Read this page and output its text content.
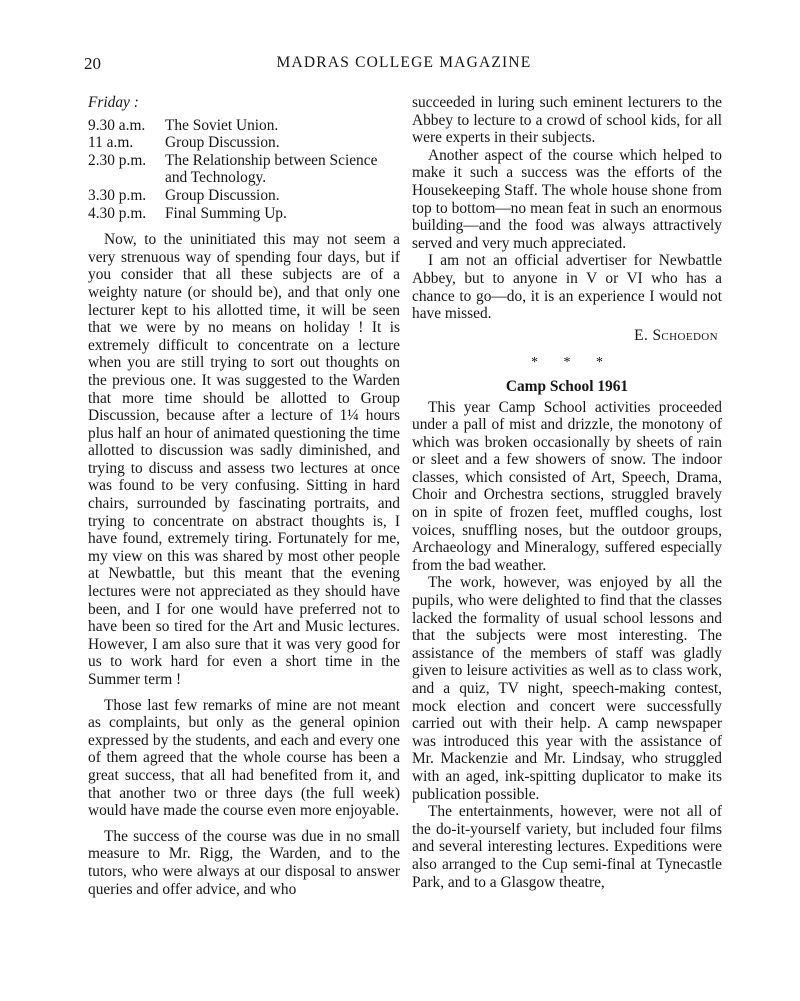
20	MADRAS COLLEGE MAGAZINE

Friday :

9.30 a.m.	The Soviet Union.
11 a.m.	Group Discussion.
2.30 p.m.	The Relationship between Science and Technology.
3.30 p.m.	Group Discussion.
4.30 p.m.	Final Summing Up.

Now, to the uninitiated this may not seem a very strenuous way of spending four days, but if you consider that all these subjects are of a weighty nature (or should be), and that only one lecturer kept to his allotted time, it will be seen that we were by no means on holiday ! It is extremely difficult to concentrate on a lecture when you are still trying to sort out thoughts on the previous one. It was suggested to the Warden that more time should be allotted to Group Discussion, because after a lecture of 1¼ hours plus half an hour of animated questioning the time allotted to discussion was sadly diminished, and trying to discuss and assess two lectures at once was found to be very confusing. Sitting in hard chairs, surrounded by fascinating portraits, and trying to concentrate on abstract thoughts is, I have found, extremely tiring. Fortunately for me, my view on this was shared by most other people at Newbattle, but this meant that the evening lectures were not appreciated as they should have been, and I for one would have preferred not to have been so tired for the Art and Music lectures. However, I am also sure that it was very good for us to work hard for even a short time in the Summer term !

Those last few remarks of mine are not meant as complaints, but only as the general opinion expressed by the students, and each and every one of them agreed that the whole course has been a great success, that all had benefited from it, and that another two or three days (the full week) would have made the course even more enjoyable.

The success of the course was due in no small measure to Mr. Rigg, the Warden, and to the tutors, who were always at our disposal to answer queries and offer advice, and who

succeeded in luring such eminent lecturers to the Abbey to lecture to a crowd of school kids, for all were experts in their subjects.

Another aspect of the course which helped to make it such a success was the efforts of the Housekeeping Staff. The whole house shone from top to bottom—no mean feat in such an enormous building—and the food was always attractively served and very much appreciated.

I am not an official advertiser for Newbattle Abbey, but to anyone in V or VI who has a chance to go—do, it is an experience I would not have missed.

E. Schoedon

* * *

Camp School 1961

This year Camp School activities proceeded under a pall of mist and drizzle, the monotony of which was broken occasionally by sheets of rain or sleet and a few showers of snow. The indoor classes, which consisted of Art, Speech, Drama, Choir and Orchestra sections, struggled bravely on in spite of frozen feet, muffled coughs, lost voices, snuffling noses, but the outdoor groups, Archaeology and Mineralogy, suffered especially from the bad weather.

The work, however, was enjoyed by all the pupils, who were delighted to find that the classes lacked the formality of usual school lessons and that the subjects were most interesting. The assistance of the members of staff was gladly given to leisure activities as well as to class work, and a quiz, TV night, speech-making contest, mock election and concert were successfully carried out with their help. A camp newspaper was introduced this year with the assistance of Mr. Mackenzie and Mr. Lindsay, who struggled with an aged, ink-spitting duplicator to make its publication possible.

The entertainments, however, were not all of the do-it-yourself variety, but included four films and several interesting lectures. Expeditions were also arranged to the Cup semi-final at Tynecastle Park, and to a Glasgow theatre,
